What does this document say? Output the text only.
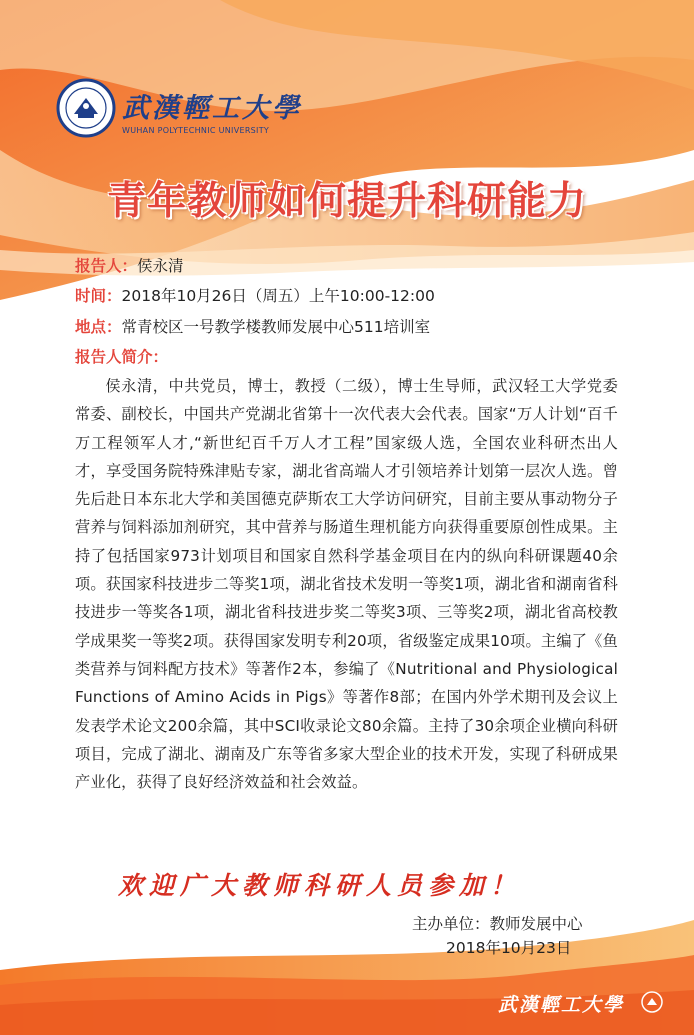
武漢輕工大學
WUHAN POLYTECHNIC UNIVERSITY
青年教师如何提升科研能力
报告人：侯永清
时间：2018年10月26日（周五）上午10:00-12:00
地点：常青校区一号教学楼教师发展中心511培训室
报告人简介：
侯永清，中共党员，博士，教授（二级），博士生导师，武汉轻工大学党委常委、副校长，中国共产党湖北省第十一次代表大会代表。国家“万人计划“百千万工程领军人才,“新世纪百千万人才工程”国家级人选，全国农业科研杰出人才，享受国务院特殊津贴专家，湖北省高端人才引领培养计划第一层次人选。曾先后赴日本东北大学和美国德克萨斯农工大学访问研究，目前主要从事动物分子营养与饲料添加剂研究，其中营养与肠道生理机能方向获得重要原创性成果。主持了包括国家973计划项目和国家自然科学基金项目在内的纵向科研课题40余项。获国家科技进步二等奖1项，湖北省技术发明一等奖1项，湖北省和湖南省科技进步一等奖各1项，湖北省科技进步奖二等奖3项、三等奖2项，湖北省高校教学成果奖一等奖2项。获得国家发明专利20项，省级鉴定成果10项。主编了《鱼类营养与饲料配方技术》等著作2本，参编了《Nutritional and Physiological Functions of Amino Acids in Pigs》等著作8部；在国内外学术期刊及会议上发表学术论文200余篇，其中SCI收录论文80余篇。主持了30余项企业横向科研项目，完成了湖北、湖南及广东等省多家大型企业的技术开发，实现了科研成果产业化，获得了良好经济效益和社会效益。
欢迎广大教师科研人员参加！
主办单位：教师发展中心
2018年10月23日
武漢輕工大學
